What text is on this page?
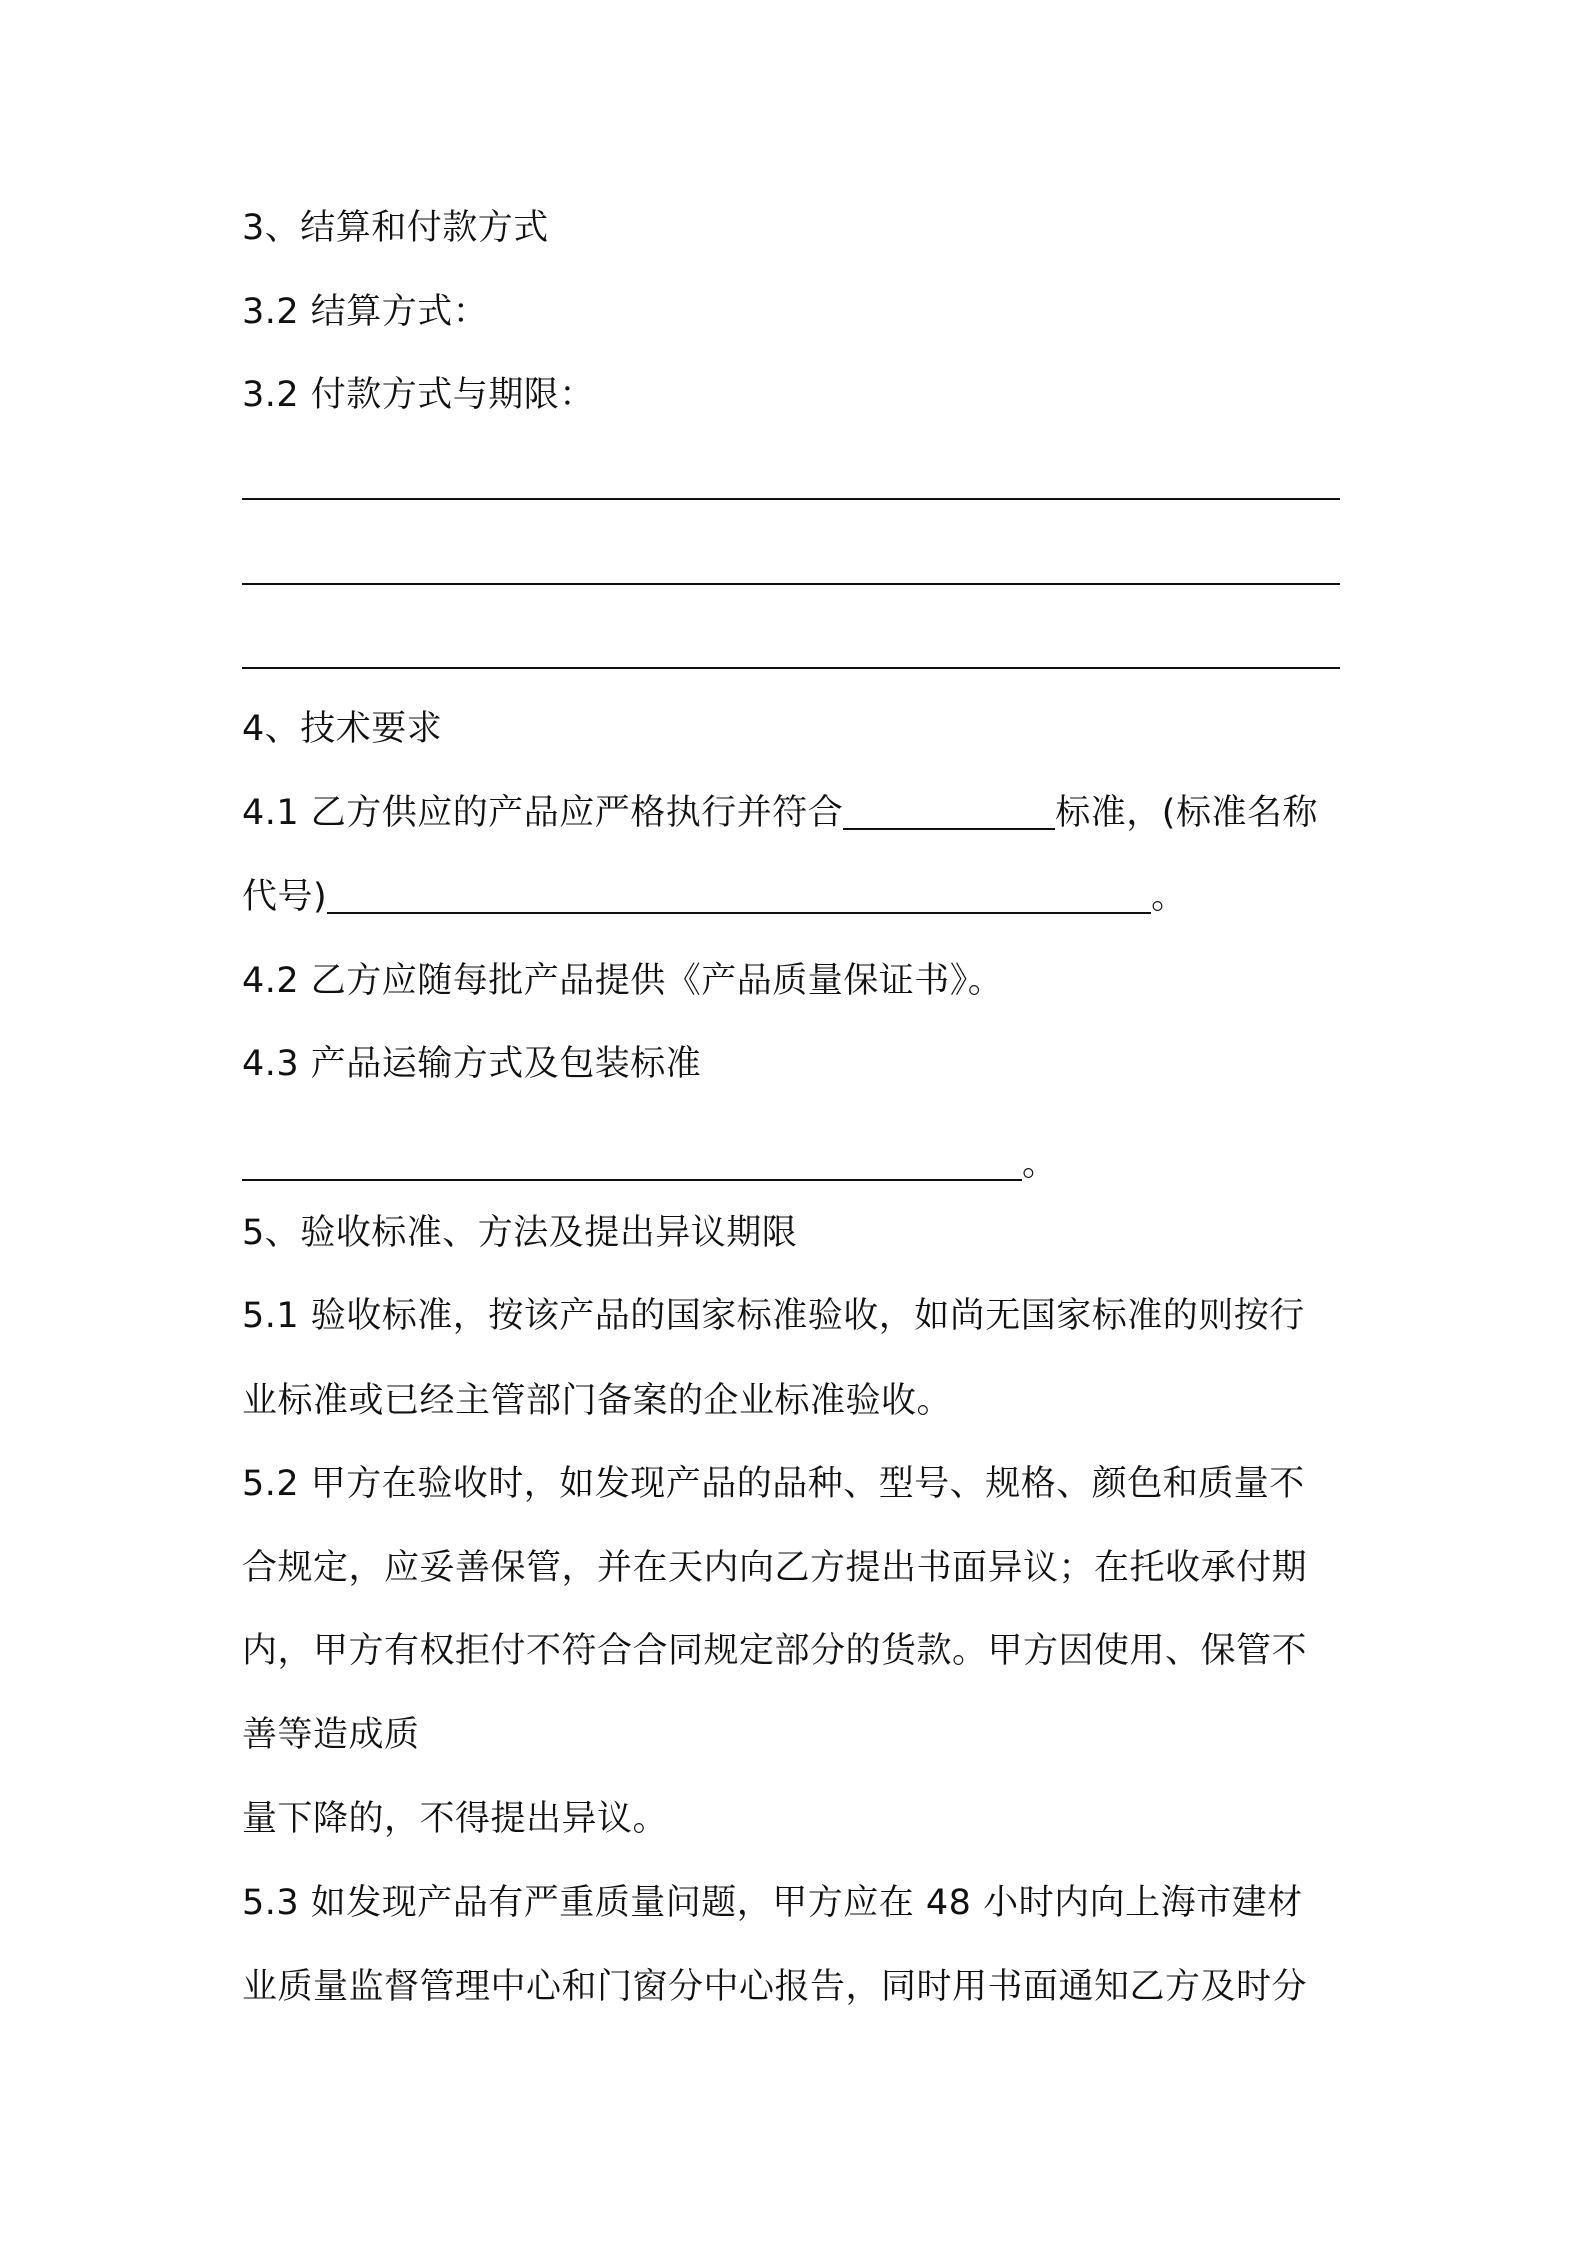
3、结算和付款方式
3.2 结算方式：
3.2 付款方式与期限：
4、技术要求
4.1 乙方供应的产品应严格执行并符合	标准，(标准名称
代号)	。
4.2 乙方应随每批产品提供《产品质量保证书》。
4.3 产品运输方式及包装标准
。
5、验收标准、方法及提出异议期限
5.1 验收标准，按该产品的国家标准验收，如尚无国家标准的则按行
业标准或已经主管部门备案的企业标准验收。
5.2 甲方在验收时，如发现产品的品种、型号、规格、颜色和质量不
合规定，应妥善保管，并在天内向乙方提出书面异议；在托收承付期
内，甲方有权拒付不符合合同规定部分的货款。甲方因使用、保管不
善等造成质
量下降的，不得提出异议。
5.3 如发现产品有严重质量问题，甲方应在 48 小时内向上海市建材
业质量监督管理中心和门窗分中心报告，同时用书面通知乙方及时分
